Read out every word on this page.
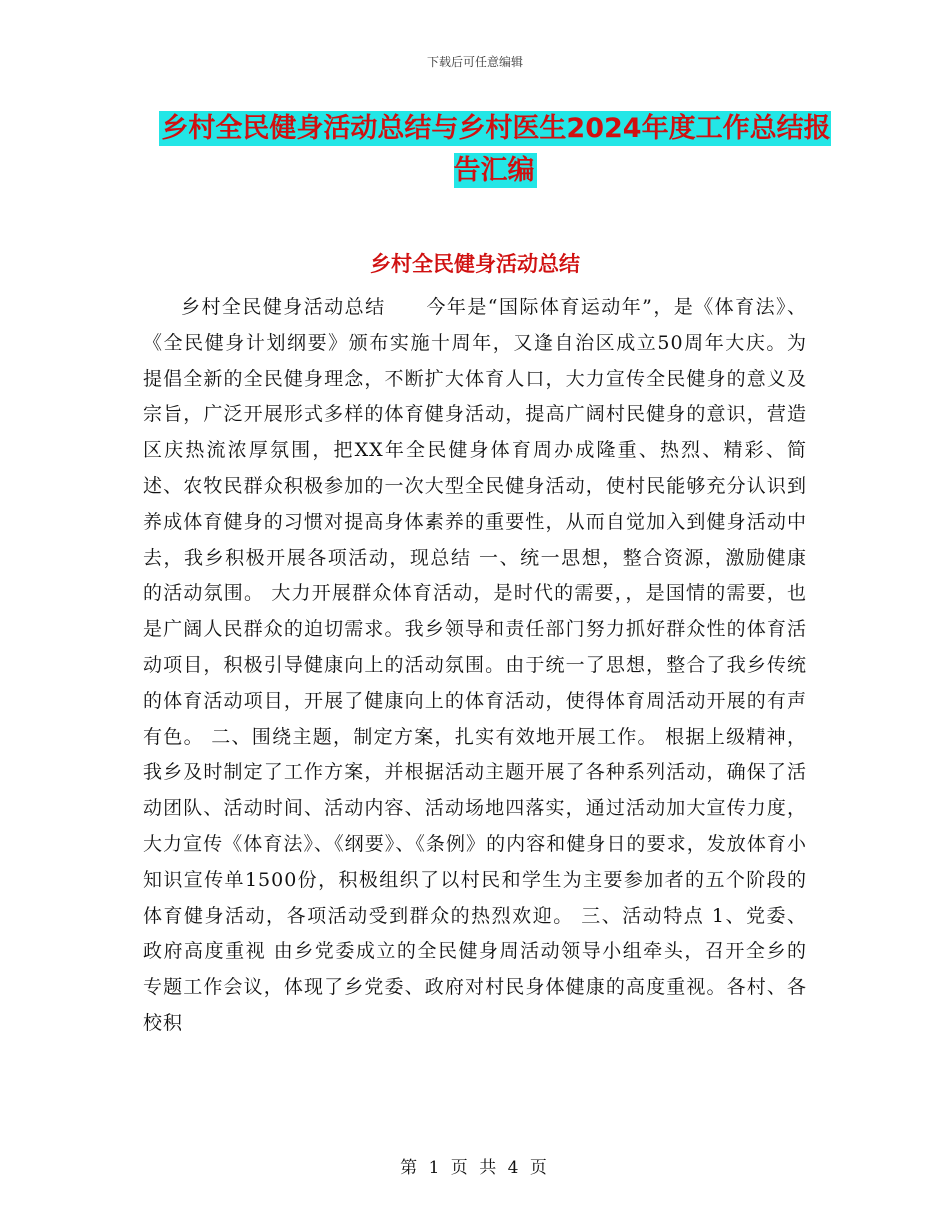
下载后可任意编辑
乡村全民健身活动总结与乡村医生2024年度工作总结报告汇编
乡村全民健身活动总结

乡村全民健身活动总结　　今年是“国际体育运动年”，是《体育法》、《全民健身计划纲要》颁布实施十周年，又逢自治区成立50周年大庆。为提倡全新的全民健身理念，不断扩大体育人口，大力宣传全民健身的意义及宗旨，广泛开展形式多样的体育健身活动，提高广阔村民健身的意识，营造区庆热流浓厚氛围，把XX年全民健身体育周办成隆重、热烈、精彩、简述、农牧民群众积极参加的一次大型全民健身活动，使村民能够充分认识到养成体育健身的习惯对提高身体素养的重要性，从而自觉加入到健身活动中去，我乡积极开展各项活动，现总结 一、统一思想，整合资源，激励健康的活动氛围。 大力开展群众体育活动，是时代的需要，，是国情的需要，也是广阔人民群众的迫切需求。我乡领导和责任部门努力抓好群众性的体育活动项目，积极引导健康向上的活动氛围。由于统一了思想，整合了我乡传统的体育活动项目，开展了健康向上的体育活动，使得体育周活动开展的有声有色。 二、围绕主题，制定方案，扎实有效地开展工作。 根据上级精神，我乡及时制定了工作方案，并根据活动主题开展了各种系列活动，确保了活动团队、活动时间、活动内容、活动场地四落实，通过活动加大宣传力度，大力宣传《体育法》、《纲要》、《条例》的内容和健身日的要求，发放体育小知识宣传单1500份，积极组织了以村民和学生为主要参加者的五个阶段的体育健身活动，各项活动受到群众的热烈欢迎。 三、活动特点 1、党委、政府高度重视 由乡党委成立的全民健身周活动领导小组牵头，召开全乡的专题工作会议，体现了乡党委、政府对村民身体健康的高度重视。各村、各校积

第 1 页 共 4 页
